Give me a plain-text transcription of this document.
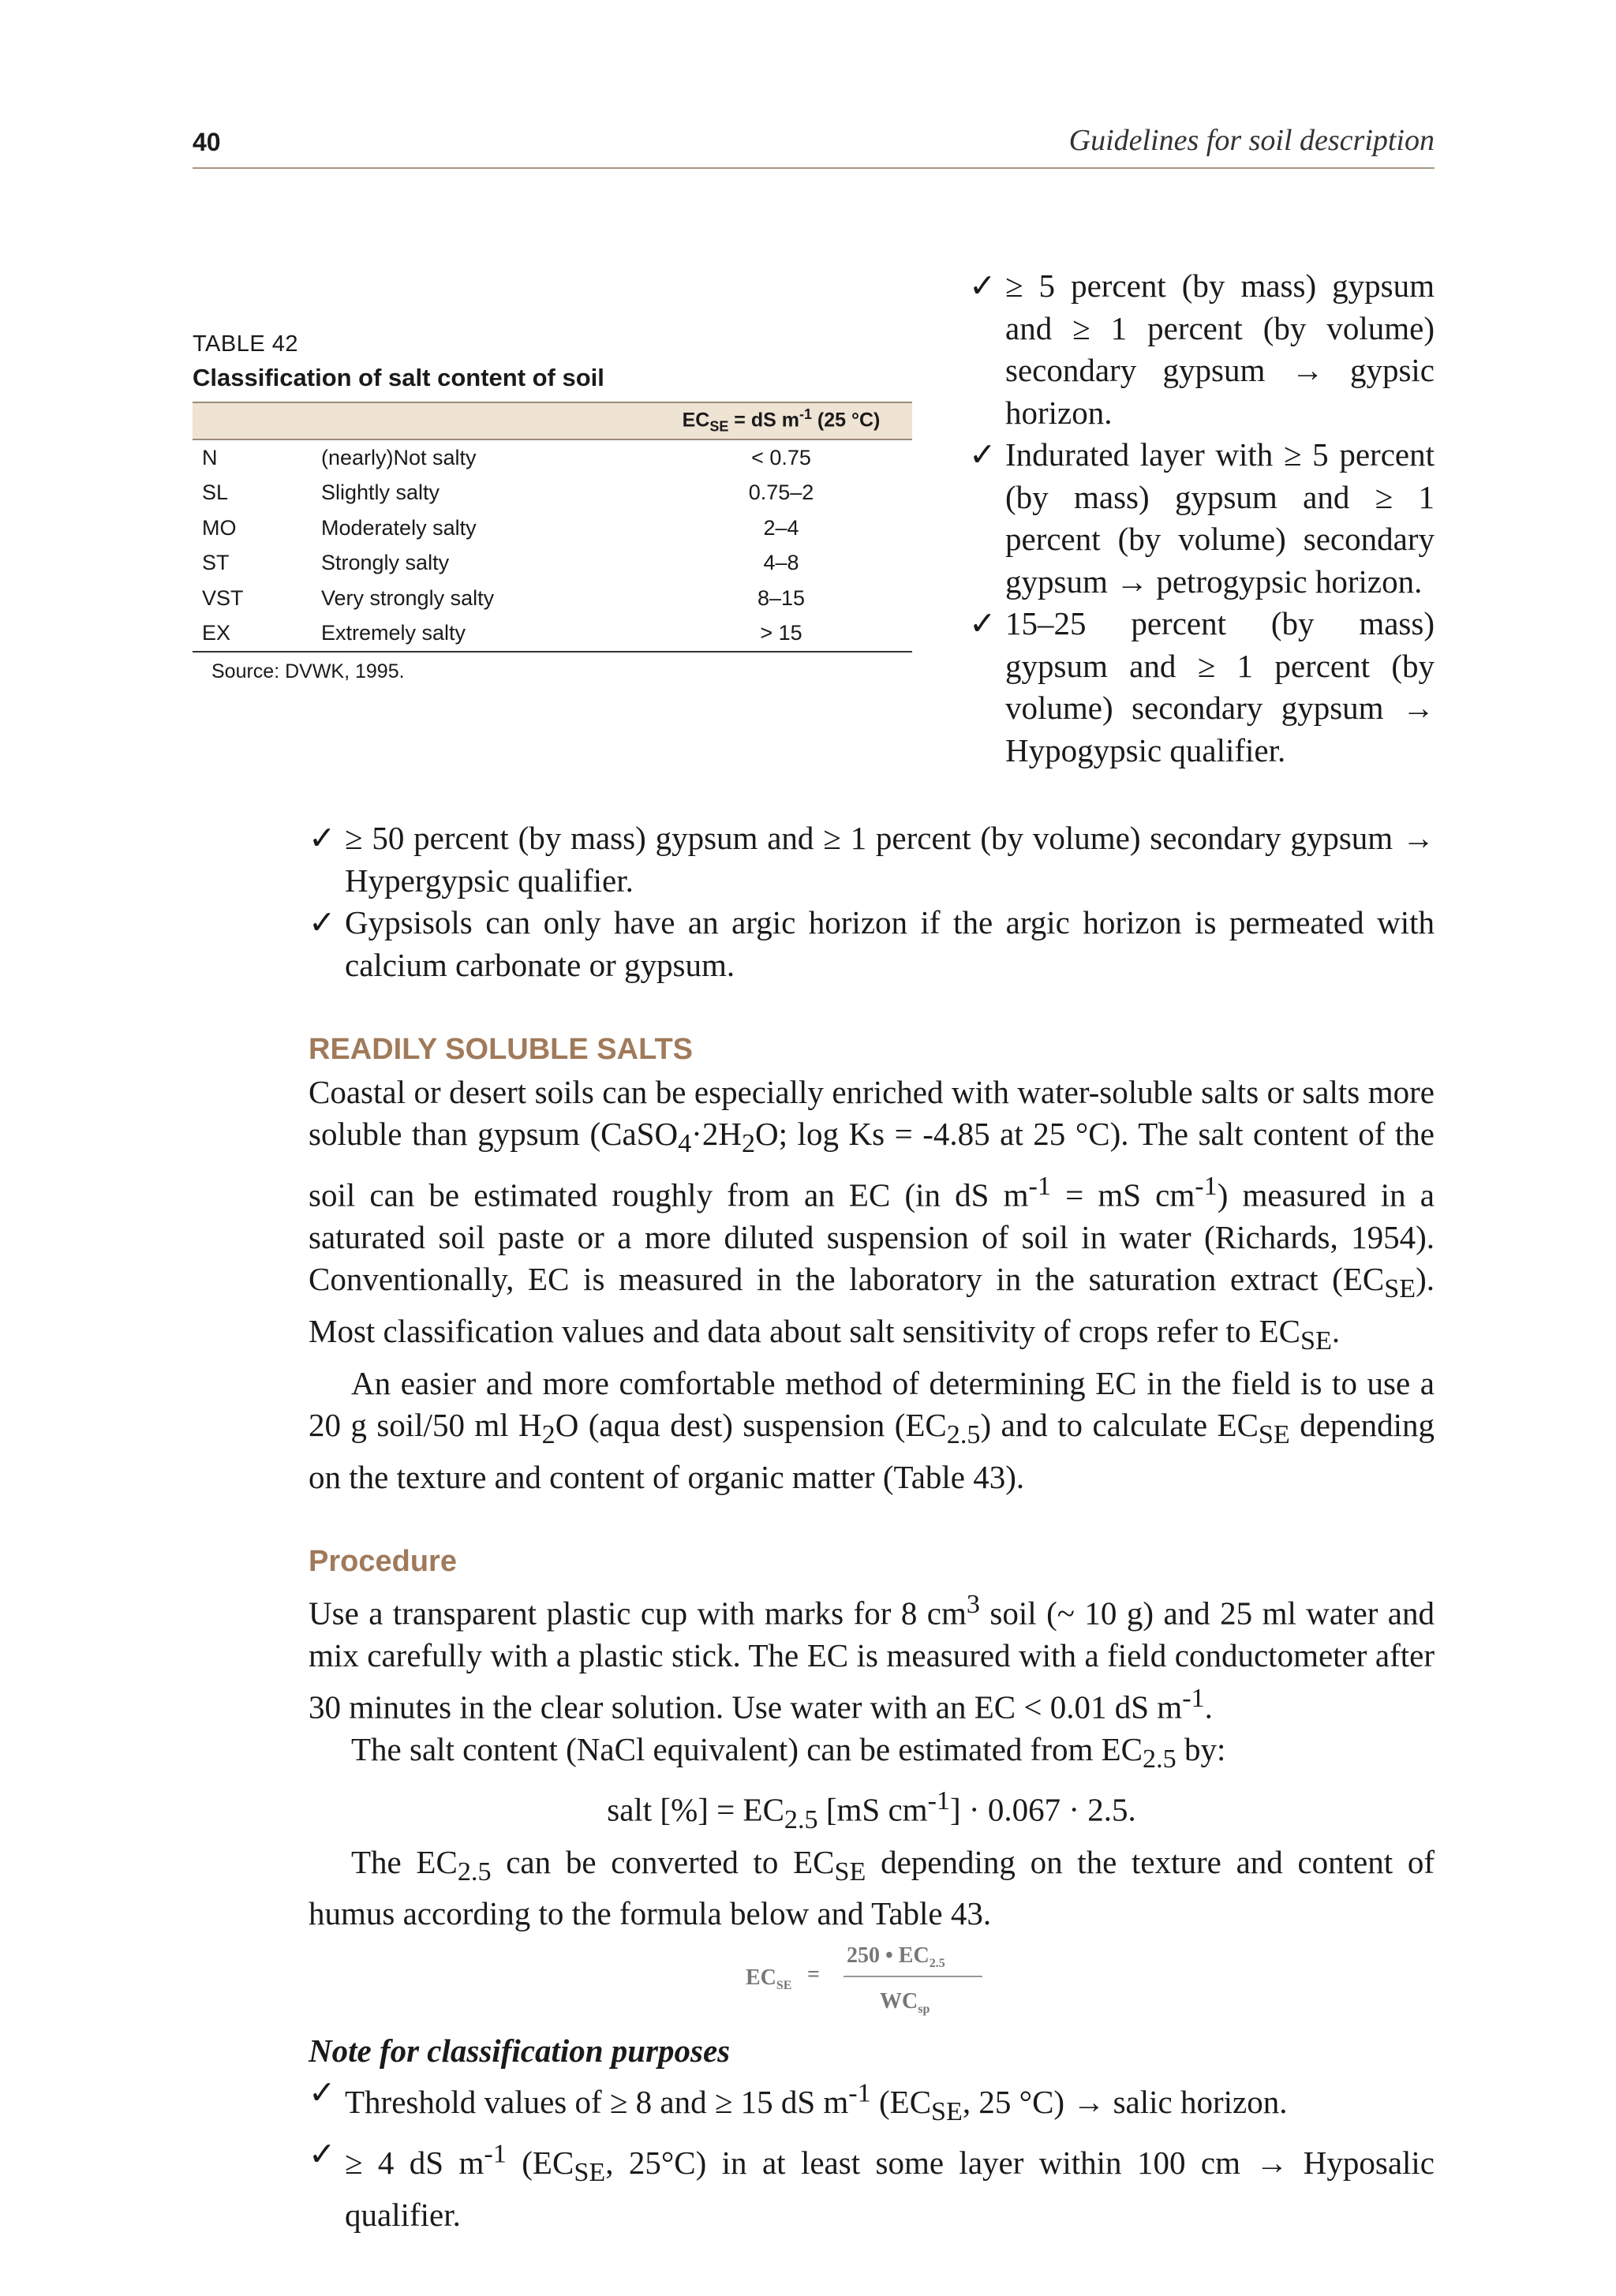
40	Guidelines for soil description
TABLE 42
Classification of salt content of soil
		$EC_{SE}$ = dS $m^{-1}$ (25 °C)
N	(nearly)Not salty	< 0.75
SL	Slightly salty	0.75–2
MO	Moderately salty	2–4
ST	Strongly salty	4–8
VST	Very strongly salty	8–15
EX	Extremely salty	> 15
Source: DVWK, 1995.
✓ ≥ 5 percent (by mass) gypsum and ≥ 1 percent (by volume) secondary gypsum → gypsic horizon.
✓ Indurated layer with ≥ 5 percent (by mass) gypsum and ≥ 1 percent (by volume) secondary gypsum → petrogypsic horizon.
✓ 15–25 percent (by mass) gypsum and ≥ 1 percent (by volume) secondary gypsum → Hypogypsic qualifier.
✓ ≥ 50 percent (by mass) gypsum and ≥ 1 percent (by volume) secondary gypsum → Hypergypsic qualifier.
✓ Gypsisols can only have an argic horizon if the argic horizon is permeated with calcium carbonate or gypsum.

READILY SOLUBLE SALTS

Coastal or desert soils can be especially enriched with water-soluble salts or salts more soluble than gypsum ($CaSO_4\cdot 2H_2O$; log Ks = -4.85 at 25 °C). The salt content of the soil can be estimated roughly from an EC (in dS $m^{-1}$ = mS $cm^{-1}$) measured in a saturated soil paste or a more diluted suspension of soil in water (Richards, 1954). Conventionally, EC is measured in the laboratory in the saturation extract $(EC_{SE})$. Most classification values and data about salt sensitivity of crops refer to $EC_{SE}$.

An easier and more comfortable method of determining EC in the field is to use a 20 g soil/50 ml $H_2O$ (aqua dest) suspension $(EC_{2.5})$ and to calculate $EC_{SE}$ depending on the texture and content of organic matter (Table 43).

Procedure

Use a transparent plastic cup with marks for 8 $cm^3$ soil (~ 10 g) and 25 ml water and mix carefully with a plastic stick. The EC is measured with a field conductometer after 30 minutes in the clear solution. Use water with an EC < 0.01 dS $m^{-1}$.

The salt content (NaCl equivalent) can be estimated from $EC_{2.5}$ by:

salt [%] = $EC_{2.5}$ [mS $cm^{-1}] \cdot 0.067 \cdot 2.5$.

The $EC_{2.5}$ can be converted to $EC_{SE}$ depending on the texture and content of humus according to the formula below and Table 43.

$EC_{SE}$ =
250 • $EC_{2.5}$
$WC_{sp}$

Note for classification purposes

✓ Threshold values of ≥ 8 and ≥ 15 dS $m^{-1}$ ($EC_{SE}$, 25 °C) → salic horizon.
✓ ≥ 4 dS $m^{-1}$ ($EC_{SE}$, 25°C) in at least some layer within 100 cm → Hyposalic qualifier.
